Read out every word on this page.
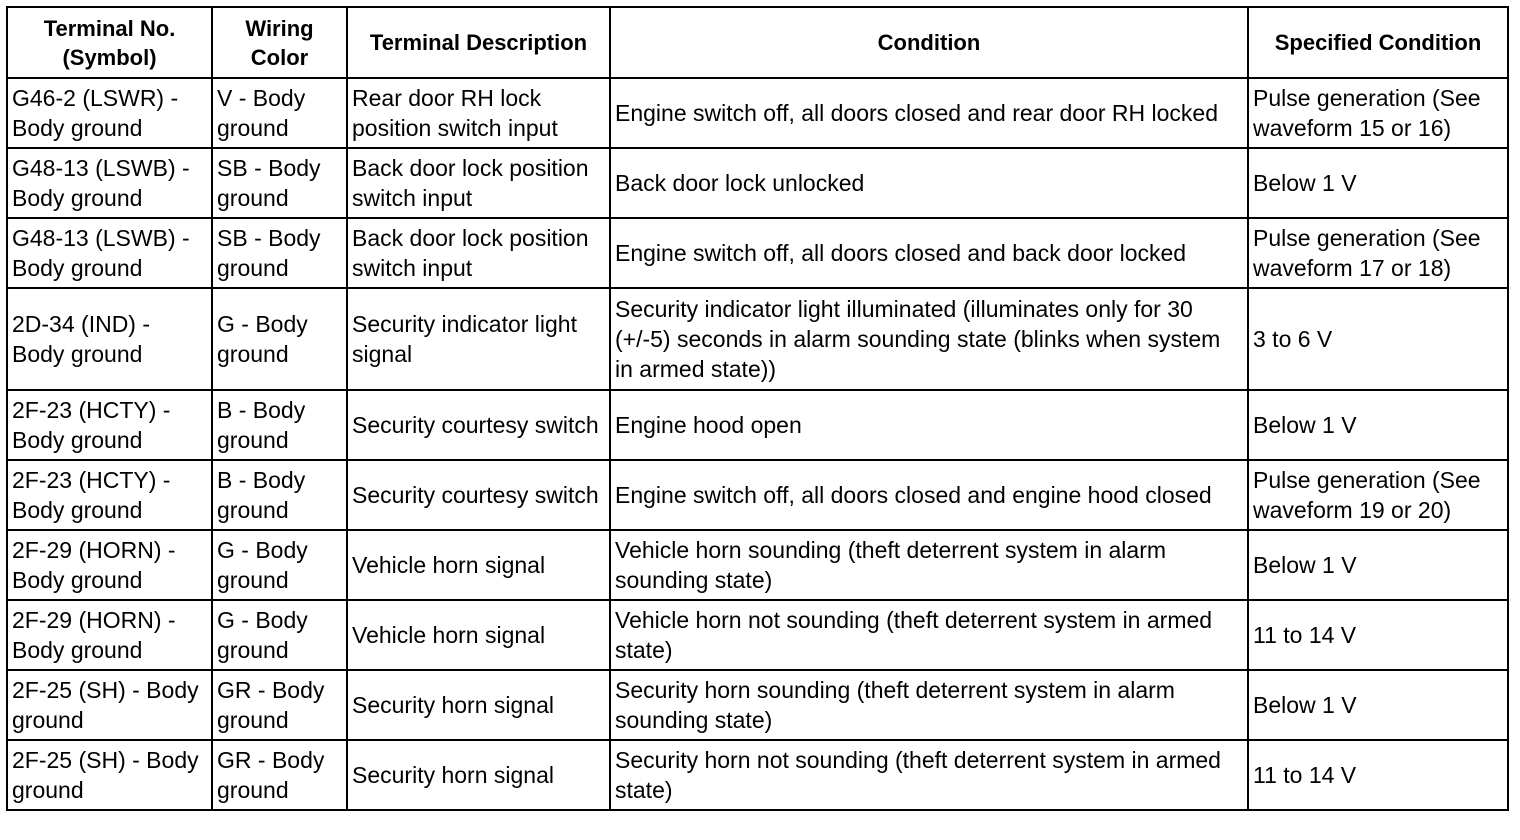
Terminal No. (Symbol)	Wiring Color	Terminal Description	Condition	Specified Condition
G46-2 (LSWR) - Body ground	V - Body ground	Rear door RH lock position switch input	Engine switch off, all doors closed and rear door RH locked	Pulse generation (See waveform 15 or 16)
G48-13 (LSWB) - Body ground	SB - Body ground	Back door lock position switch input	Back door lock unlocked	Below 1 V
G48-13 (LSWB) - Body ground	SB - Body ground	Back door lock position switch input	Engine switch off, all doors closed and back door locked	Pulse generation (See waveform 17 or 18)
2D-34 (IND) - Body ground	G - Body ground	Security indicator light signal	Security indicator light illuminated (illuminates only for 30 (+/-5) seconds in alarm sounding state (blinks when system in armed state))	3 to 6 V
2F-23 (HCTY) - Body ground	B - Body ground	Security courtesy switch	Engine hood open	Below 1 V
2F-23 (HCTY) - Body ground	B - Body ground	Security courtesy switch	Engine switch off, all doors closed and engine hood closed	Pulse generation (See waveform 19 or 20)
2F-29 (HORN) - Body ground	G - Body ground	Vehicle horn signal	Vehicle horn sounding (theft deterrent system in alarm sounding state)	Below 1 V
2F-29 (HORN) - Body ground	G - Body ground	Vehicle horn signal	Vehicle horn not sounding (theft deterrent system in armed state)	11 to 14 V
2F-25 (SH) - Body ground	GR - Body ground	Security horn signal	Security horn sounding (theft deterrent system in alarm sounding state)	Below 1 V
2F-25 (SH) - Body ground	GR - Body ground	Security horn signal	Security horn not sounding (theft deterrent system in armed state)	11 to 14 V
